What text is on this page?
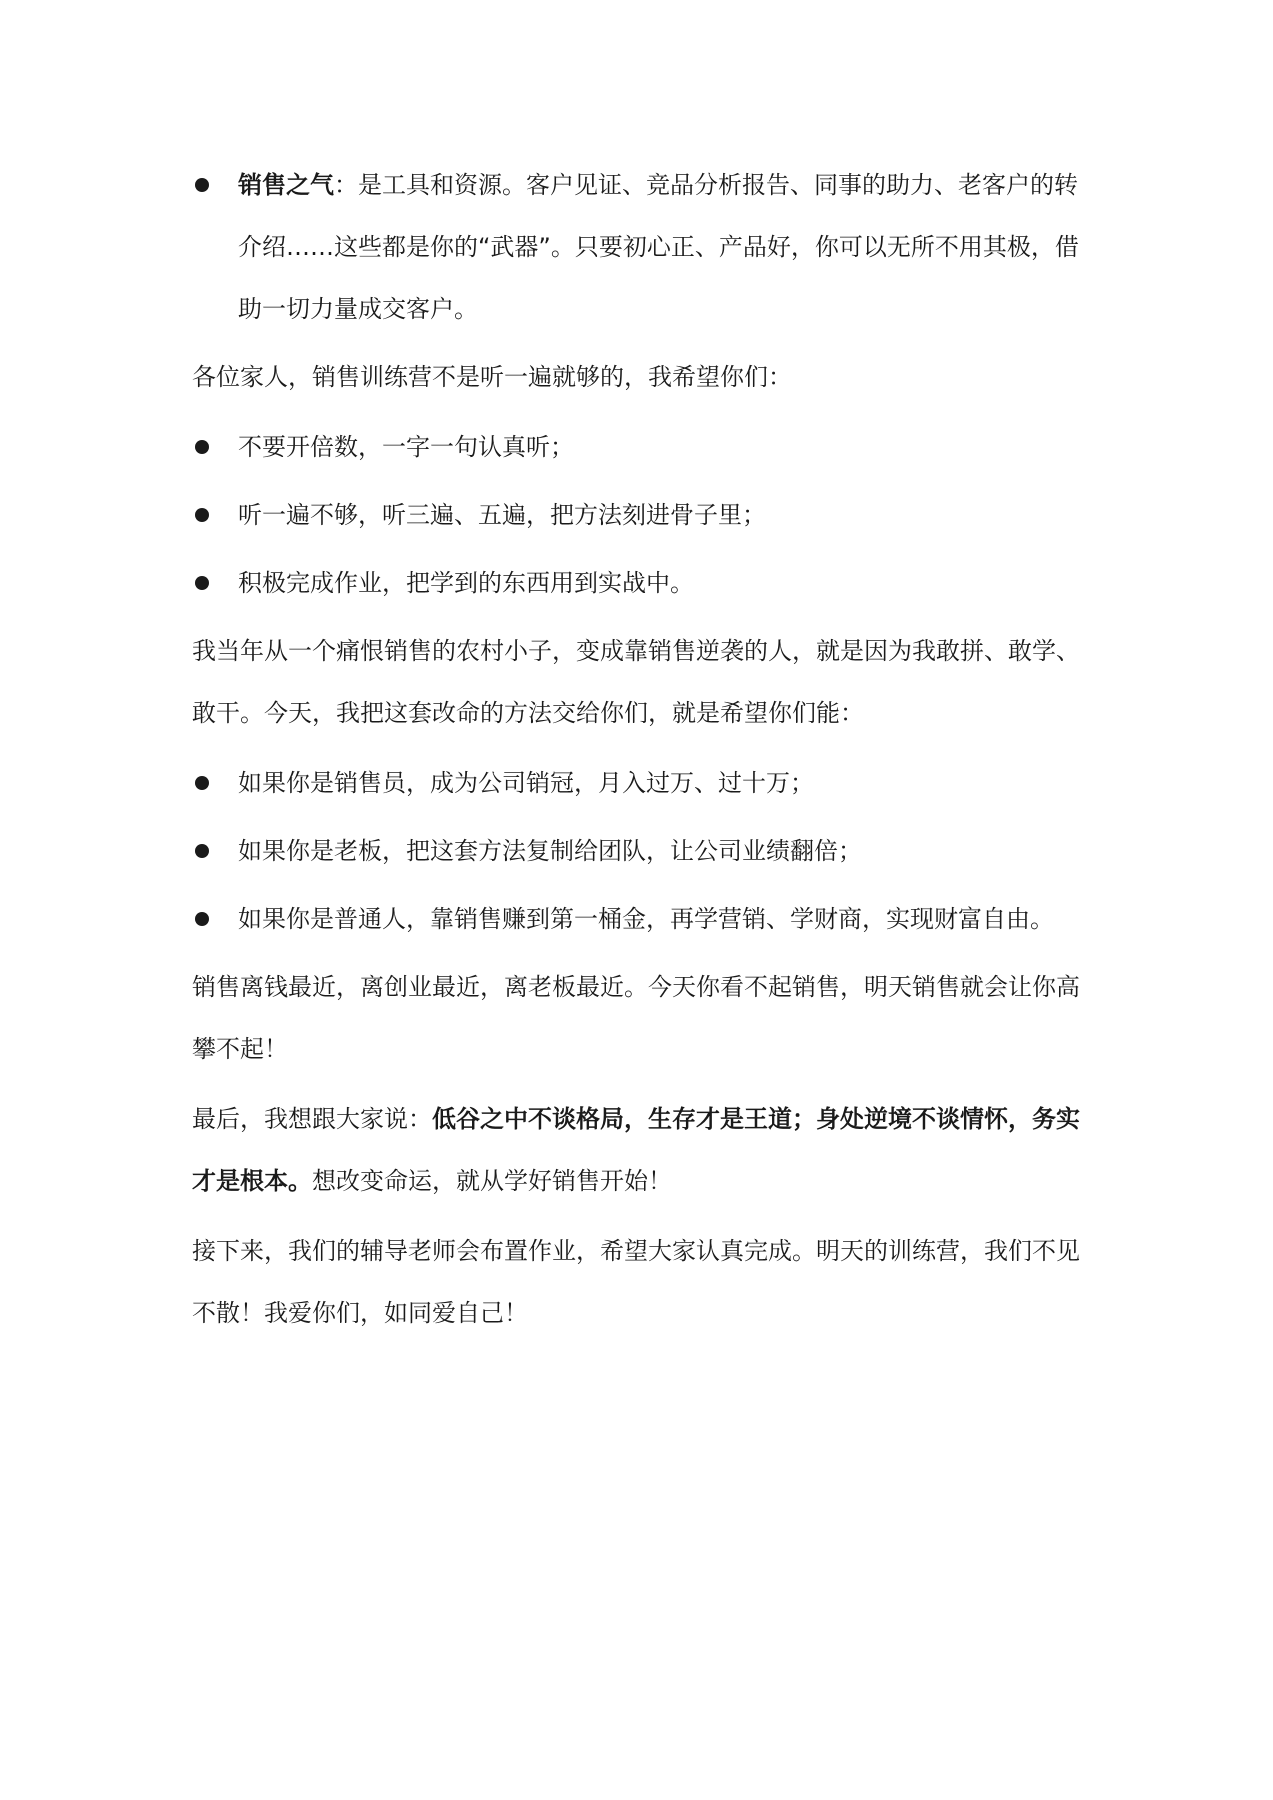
销售之气：是工具和资源。客户见证、竞品分析报告、同事的助力、老客户的转介绍……这些都是你的“武器”。只要初心正、产品好，你可以无所不用其极，借助一切力量成交客户。

各位家人，销售训练营不是听一遍就够的，我希望你们：

不要开倍数，一字一句认真听；
听一遍不够，听三遍、五遍，把方法刻进骨子里；
积极完成作业，把学到的东西用到实战中。

我当年从一个痛恨销售的农村小子，变成靠销售逆袭的人，就是因为我敢拼、敢学、敢干。今天，我把这套改命的方法交给你们，就是希望你们能：

如果你是销售员，成为公司销冠，月入过万、过十万；
如果你是老板，把这套方法复制给团队，让公司业绩翻倍；
如果你是普通人，靠销售赚到第一桶金，再学营销、学财商，实现财富自由。

销售离钱最近，离创业最近，离老板最近。今天你看不起销售，明天销售就会让你高攀不起！

最后，我想跟大家说：低谷之中不谈格局，生存才是王道；身处逆境不谈情怀，务实才是根本。想改变命运，就从学好销售开始！

接下来，我们的辅导老师会布置作业，希望大家认真完成。明天的训练营，我们不见不散！我爱你们，如同爱自己！
